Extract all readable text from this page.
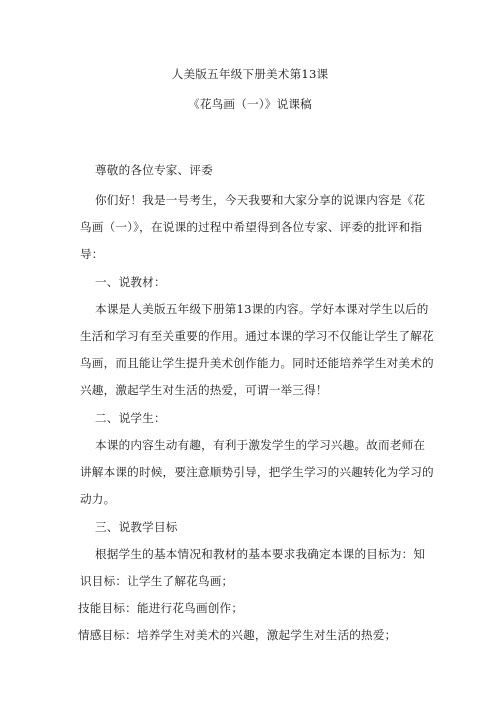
人美版五年级下册美术第13课
《花鸟画（一）》说课稿
尊敬的各位专家、评委
你们好！我是一号考生，今天我要和大家分享的说课内容是《花
鸟画（一）》，在说课的过程中希望得到各位专家、评委的批评和指
导：
一、说教材：
本课是人美版五年级下册第13课的内容。学好本课对学生以后的
生活和学习有至关重要的作用。通过本课的学习不仅能让学生了解花
鸟画，而且能让学生提升美术创作能力。同时还能培养学生对美术的
兴趣，激起学生对生活的热爱，可谓一举三得！
二、说学生：
本课的内容生动有趣，有利于激发学生的学习兴趣。故而老师在
讲解本课的时候，要注意顺势引导，把学生学习的兴趣转化为学习的
动力。
三、说教学目标
根据学生的基本情况和教材的基本要求我确定本课的目标为：知
识目标：让学生了解花鸟画；
技能目标：能进行花鸟画创作；
情感目标：培养学生对美术的兴趣，激起学生对生活的热爱；
